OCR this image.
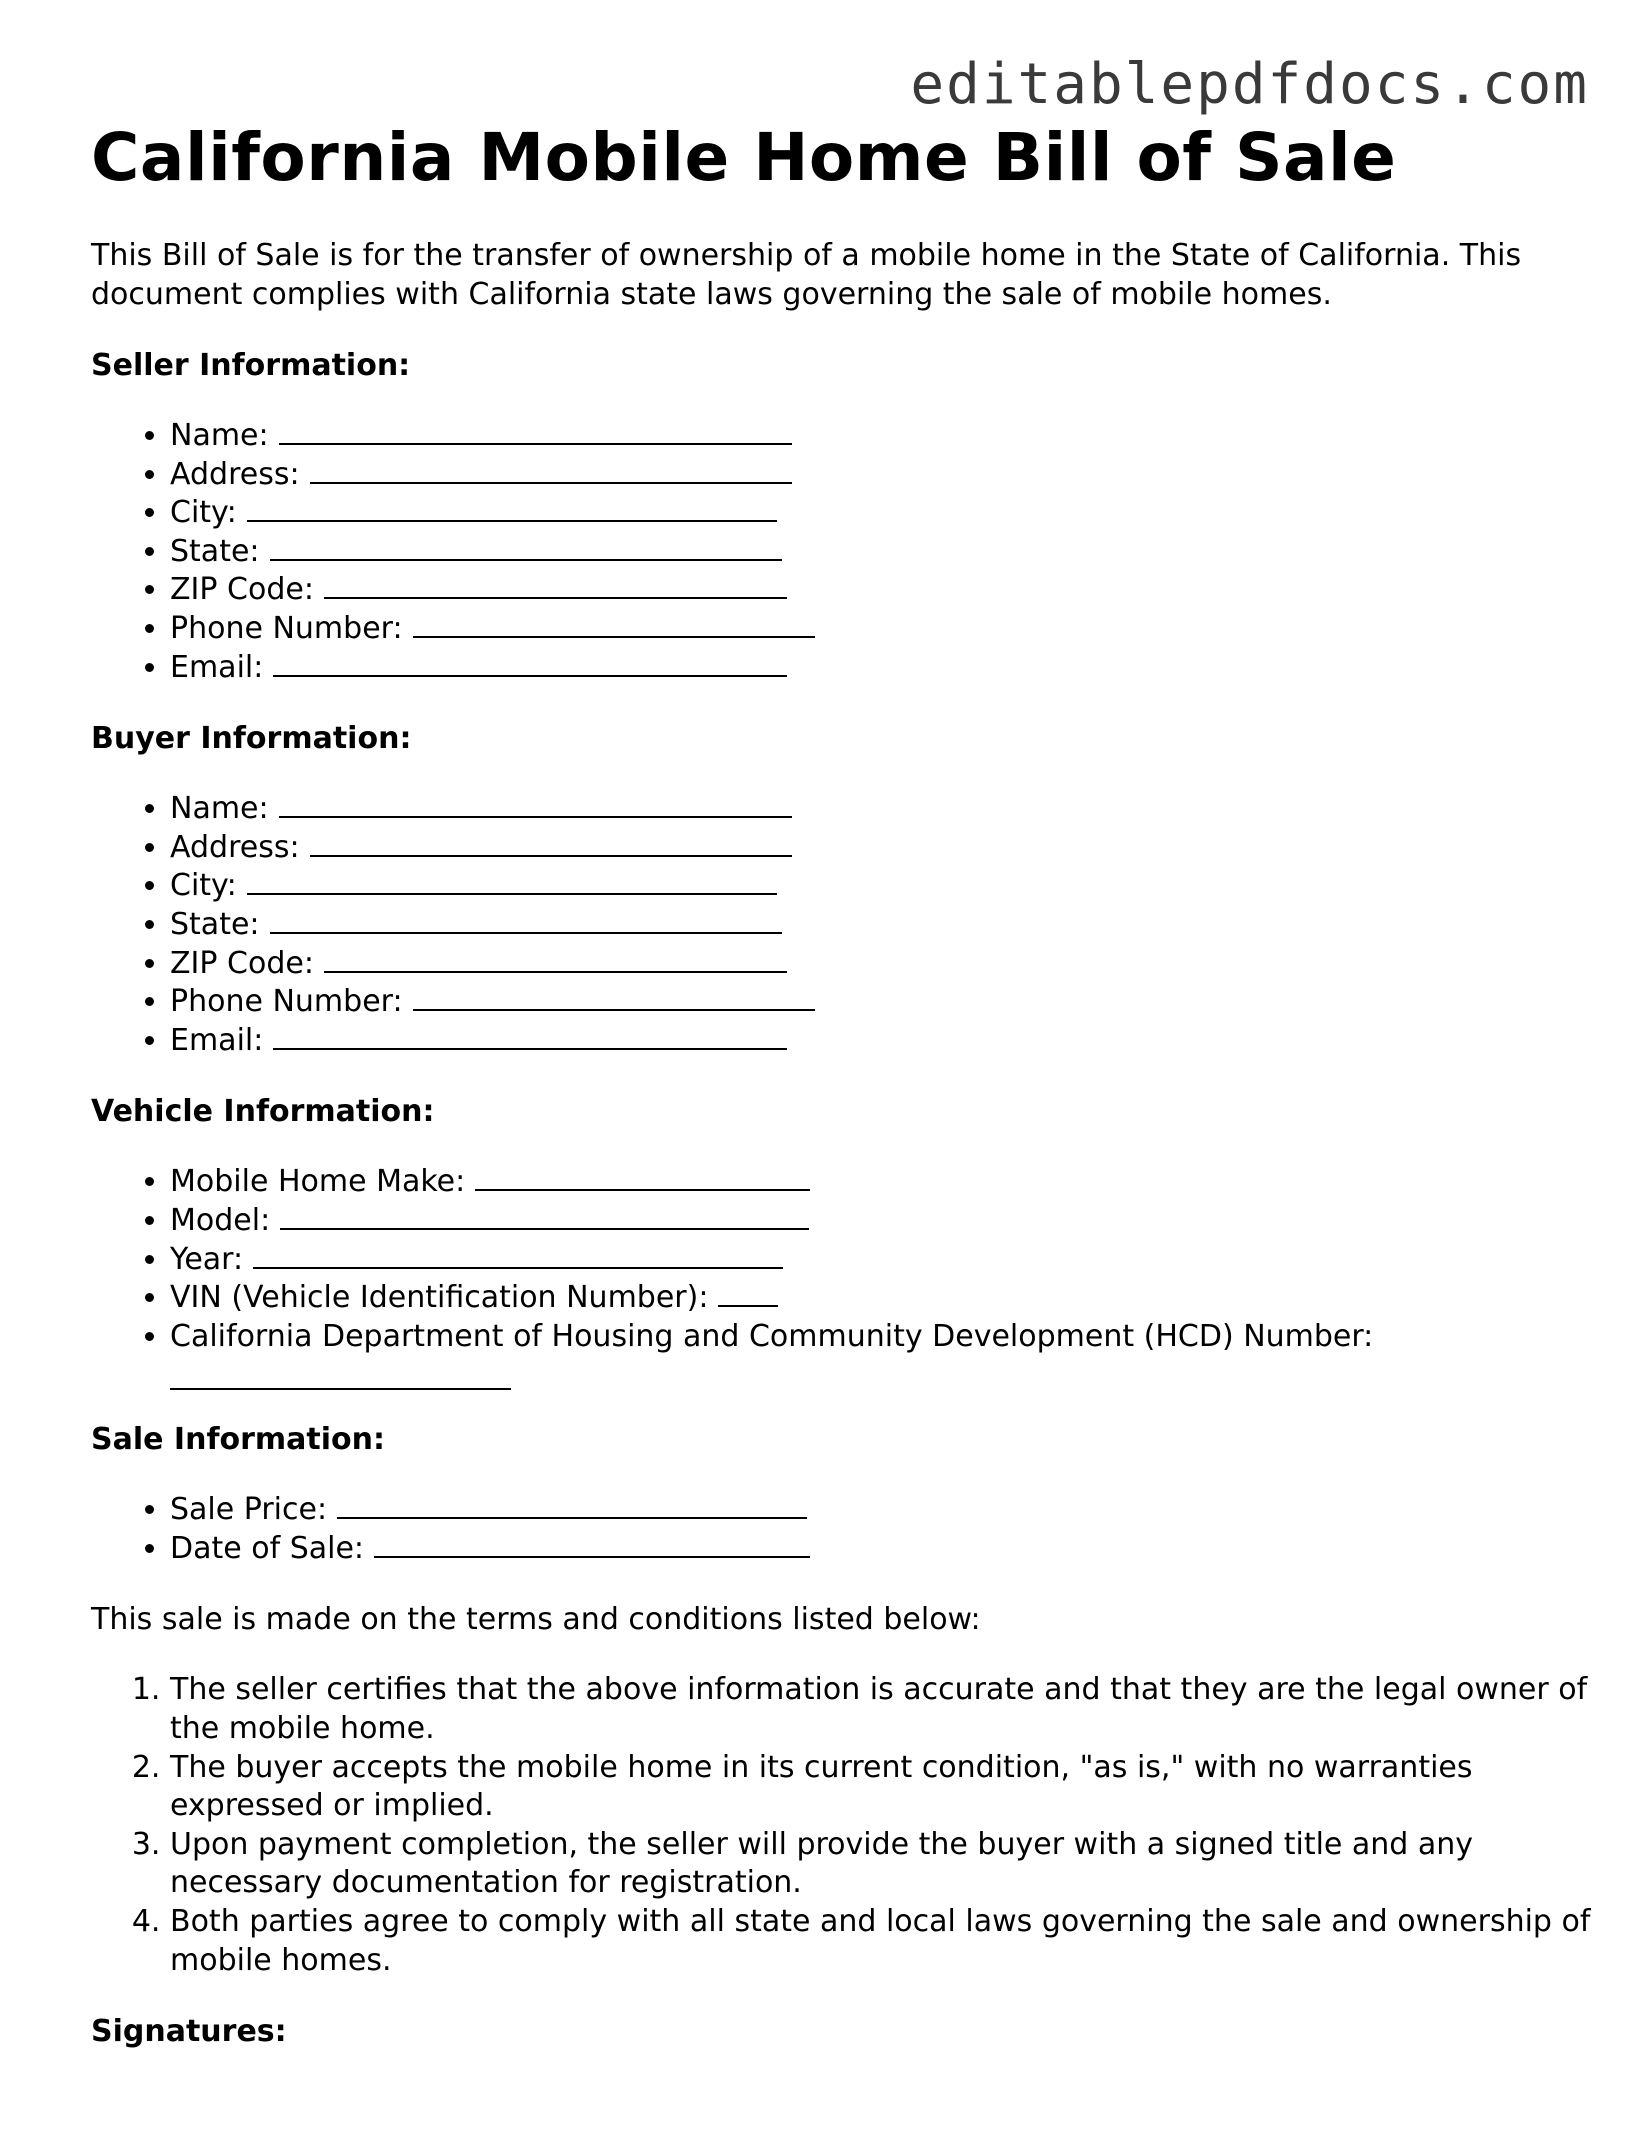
editablepdfdocs.com
California Mobile Home Bill of Sale

This Bill of Sale is for the transfer of ownership of a mobile home in the State of California. This document complies with California state laws governing the sale of mobile homes.

Seller Information:

• Name:
• Address:
• City:
• State:
• ZIP Code:
• Phone Number:
• Email:

Buyer Information:

• Name:
• Address:
• City:
• State:
• ZIP Code:
• Phone Number:
• Email:

Vehicle Information:

• Mobile Home Make:
• Model:
• Year:
• VIN (Vehicle Identification Number):
• California Department of Housing and Community Development (HCD) Number:

Sale Information:

• Sale Price:
• Date of Sale:

This sale is made on the terms and conditions listed below:

1. The seller certifies that the above information is accurate and that they are the legal owner of the mobile home.
2. The buyer accepts the mobile home in its current condition, "as is," with no warranties expressed or implied.
3. Upon payment completion, the seller will provide the buyer with a signed title and any necessary documentation for registration.
4. Both parties agree to comply with all state and local laws governing the sale and ownership of mobile homes.

Signatures:
